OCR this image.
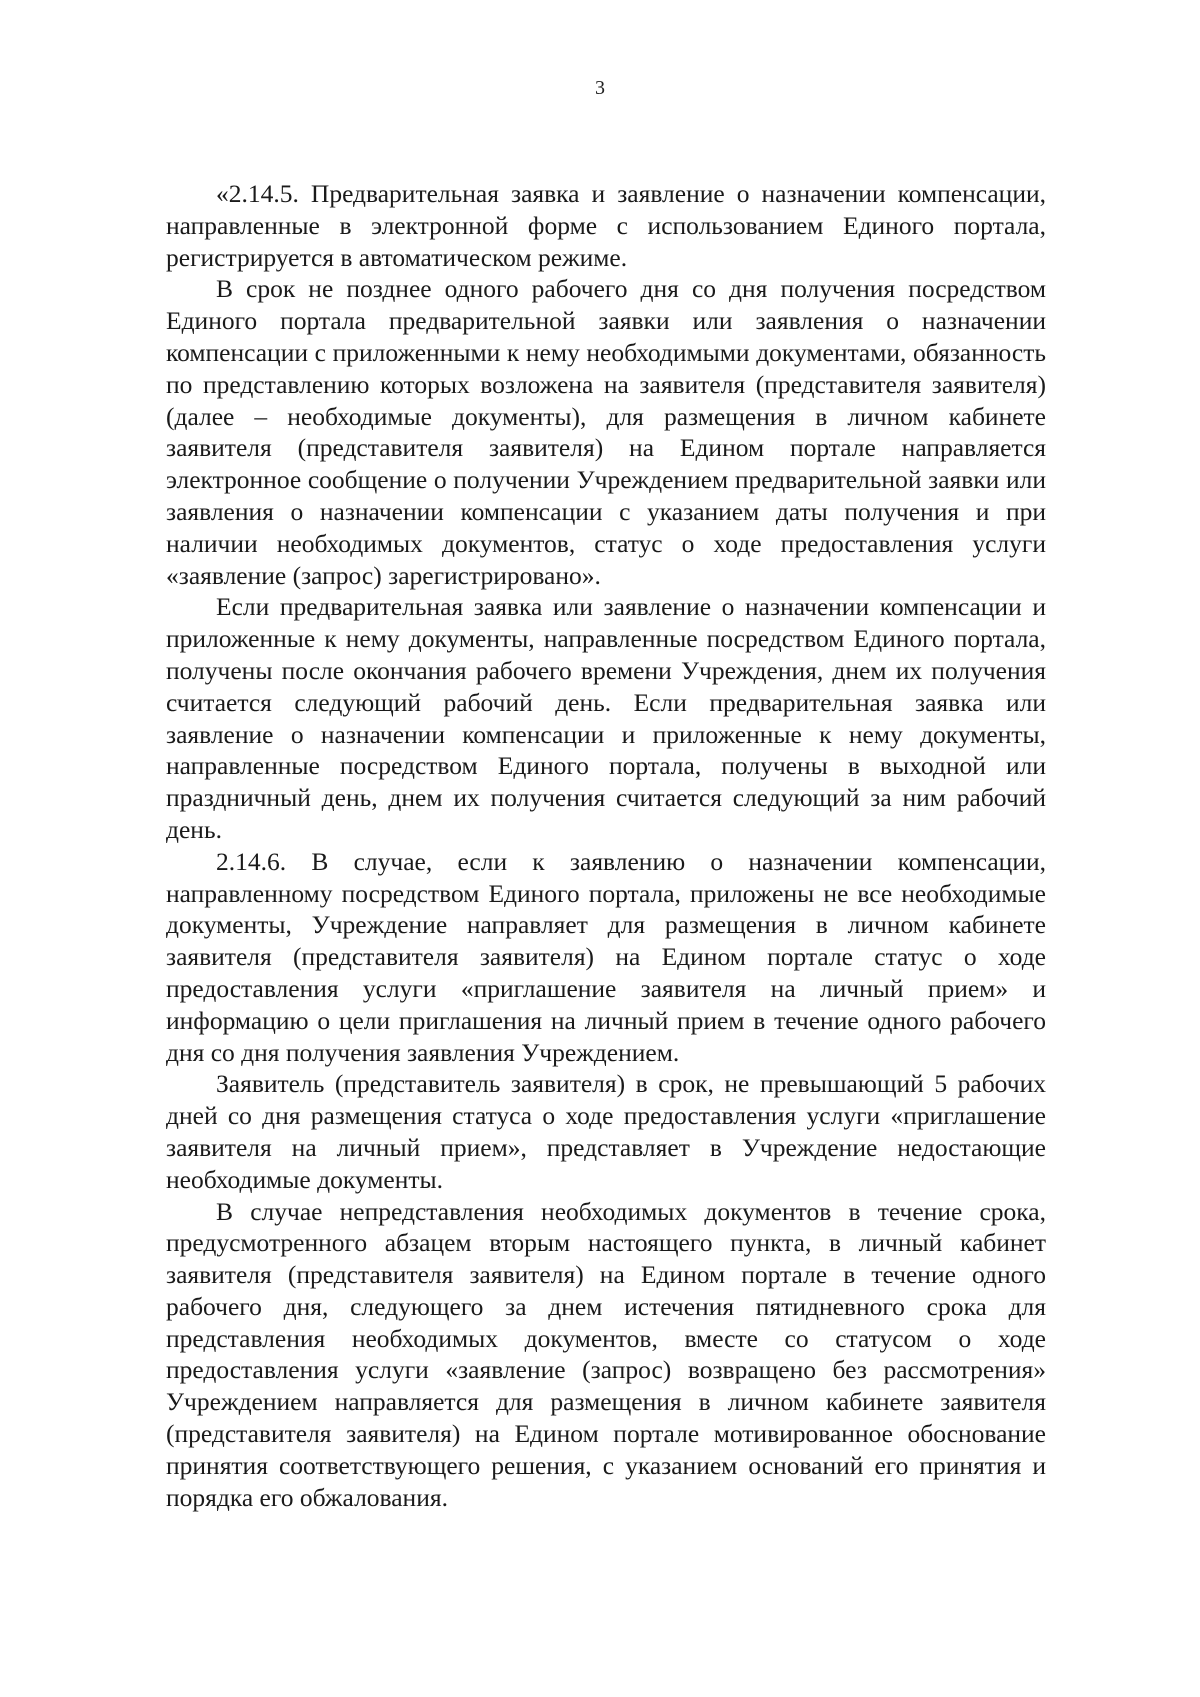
3

«2.14.5. Предварительная заявка и заявление о назначении компенсации, направленные в электронной форме с использованием Единого портала, регистрируется в автоматическом режиме.

В срок не позднее одного рабочего дня со дня получения посредством Единого портала предварительной заявки или заявления о назначении компенсации с приложенными к нему необходимыми документами, обязанность по представлению которых возложена на заявителя (представителя заявителя) (далее – необходимые документы), для размещения в личном кабинете заявителя (представителя заявителя) на Едином портале направляется электронное сообщение о получении Учреждением предварительной заявки или заявления о назначении компенсации с указанием даты получения и при наличии необходимых документов, статус о ходе предоставления услуги «заявление (запрос) зарегистрировано».

Если предварительная заявка или заявление о назначении компенсации и приложенные к нему документы, направленные посредством Единого портала, получены после окончания рабочего времени Учреждения, днем их получения считается следующий рабочий день. Если предварительная заявка или заявление о назначении компенсации и приложенные к нему документы, направленные посредством Единого портала, получены в выходной или праздничный день, днем их получения считается следующий за ним рабочий день.

2.14.6. В случае, если к заявлению о назначении компенсации, направленному посредством Единого портала, приложены не все необходимые документы, Учреждение направляет для размещения в личном кабинете заявителя (представителя заявителя) на Едином портале статус о ходе предоставления услуги «приглашение заявителя на личный прием» и информацию о цели приглашения на личный прием в течение одного рабочего дня со дня получения заявления Учреждением.

Заявитель (представитель заявителя) в срок, не превышающий 5 рабочих дней со дня размещения статуса о ходе предоставления услуги «приглашение заявителя на личный прием», представляет в Учреждение недостающие необходимые документы.

В случае непредставления необходимых документов в течение срока, предусмотренного абзацем вторым настоящего пункта, в личный кабинет заявителя (представителя заявителя) на Едином портале в течение одного рабочего дня, следующего за днем истечения пятидневного срока для представления необходимых документов, вместе со статусом о ходе предоставления услуги «заявление (запрос) возвращено без рассмотрения» Учреждением направляется для размещения в личном кабинете заявителя (представителя заявителя) на Едином портале мотивированное обоснование принятия соответствующего решения, с указанием оснований его принятия и порядка его обжалования.
